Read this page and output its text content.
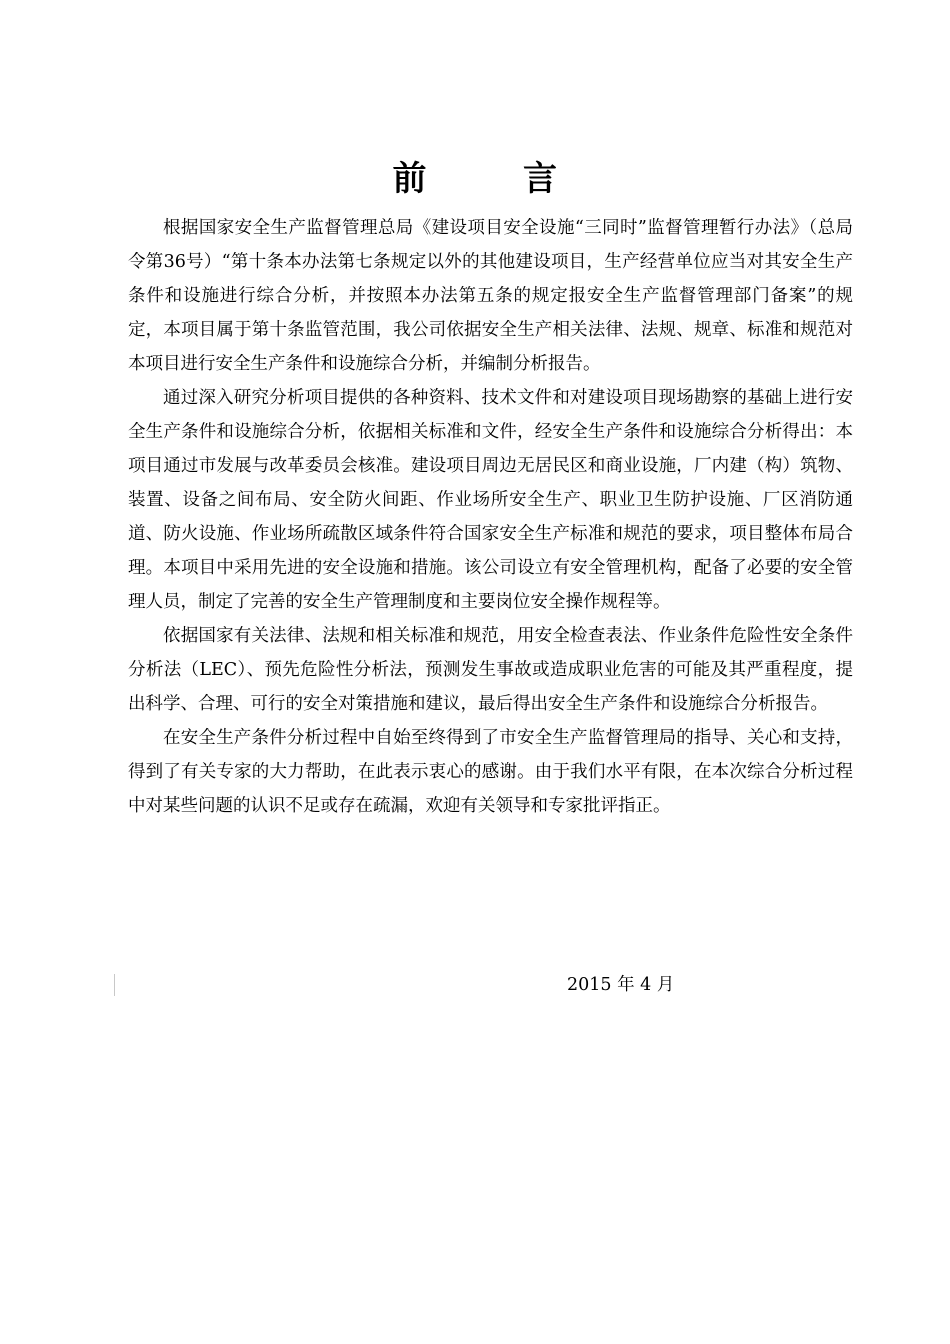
前	言

根据国家安全生产监督管理总局《建设项目安全设施“三同时”监督管理暂行办法》（总局令第36号）“第十条本办法第七条规定以外的其他建设项目，生产经营单位应当对其安全生产条件和设施进行综合分析，并按照本办法第五条的规定报安全生产监督管理部门备案”的规定，本项目属于第十条监管范围，我公司依据安全生产相关法律、法规、规章、标准和规范对本项目进行安全生产条件和设施综合分析，并编制分析报告。

通过深入研究分析项目提供的各种资料、技术文件和对建设项目现场勘察的基础上进行安全生产条件和设施综合分析，依据相关标准和文件，经安全生产条件和设施综合分析得出：本项目通过市发展与改革委员会核准。建设项目周边无居民区和商业设施，厂内建（构）筑物、装置、设备之间布局、安全防火间距、作业场所安全生产、职业卫生防护设施、厂区消防通道、防火设施、作业场所疏散区域条件符合国家安全生产标准和规范的要求，项目整体布局合理。本项目中采用先进的安全设施和措施。该公司设立有安全管理机构，配备了必要的安全管理人员，制定了完善的安全生产管理制度和主要岗位安全操作规程等。

依据国家有关法律、法规和相关标准和规范，用安全检查表法、作业条件危险性安全条件分析法（LEC）、预先危险性分析法，预测发生事故或造成职业危害的可能及其严重程度，提出科学、合理、可行的安全对策措施和建议，最后得出安全生产条件和设施综合分析报告。

在安全生产条件分析过程中自始至终得到了市安全生产监督管理局的指导、关心和支持，得到了有关专家的大力帮助，在此表示衷心的感谢。由于我们水平有限，在本次综合分析过程中对某些问题的认识不足或存在疏漏，欢迎有关领导和专家批评指正。

2015 年 4 月
